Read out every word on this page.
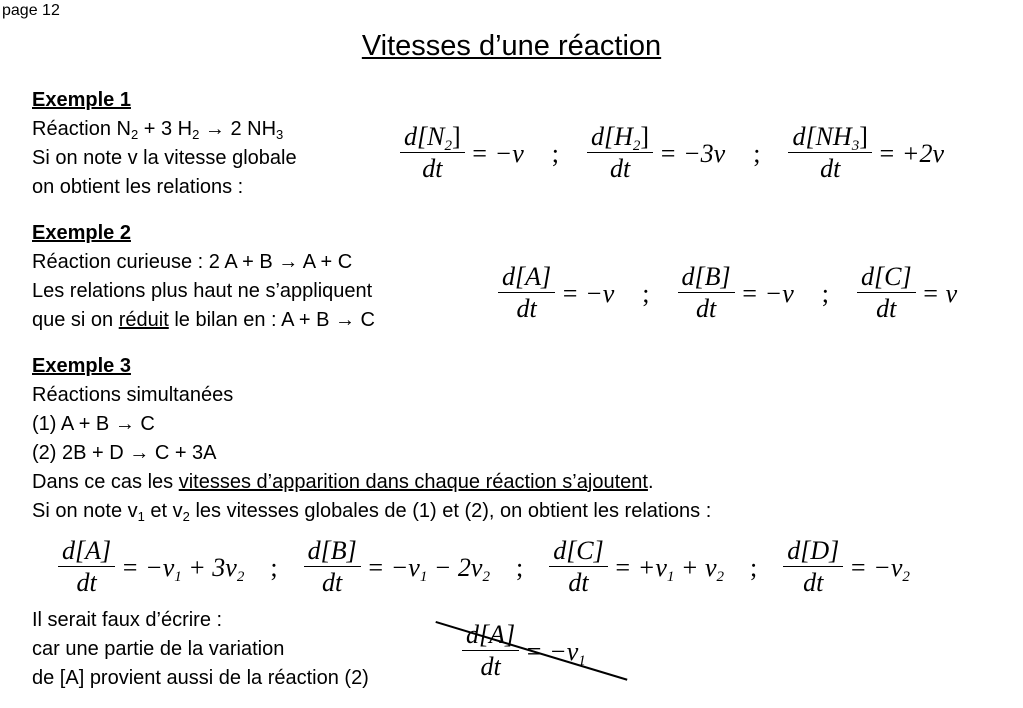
page 12
Vitesses d’une réaction
Exemple 1
Réaction $N_2 + 3$ $H_2 \to 2$ $NH_3$
Si on note v la vitesse globale
on obtient les relations :
$\frac{d[N2]}{dt} = -v$ ; $\frac{d[H2]}{dt} = -3v$ ; $\frac{d[NH3]}{dt} = +2v$
Exemple 2
Réaction curieuse : 2 A + B → A + C
Les relations plus haut ne s’appliquent
que si on réduit le bilan en : A + B → C	$\frac{d[A]}{dt} = -v$ ; $\frac{d[B]}{dt} = -v$ ; $\frac{d[C]}{dt} = v$
Exemple 3
Réactions simultanées
(1) A + B → C
(2) 2B + D → C + 3A
Dans ce cas les vitesses d’apparition dans chaque réaction s’ajoutent.
Si on note $v_1$ et $v_2$ les vitesses globales de (1) et (2), on obtient les relations :
$\frac{d[A]}{dt} = -v1 + 3v2$ ; $\frac{d[B]}{dt} = -v1 - 2v2$ ; $\frac{d[C]}{dt} = +v1 + v2$ ; $\frac{d[D]}{dt} = -v2$
Il serait faux d’écrire :
car une partie de la variation
de [A] provient aussi de la réaction (2)	$\frac{d[A]}{dt} = -v1$
